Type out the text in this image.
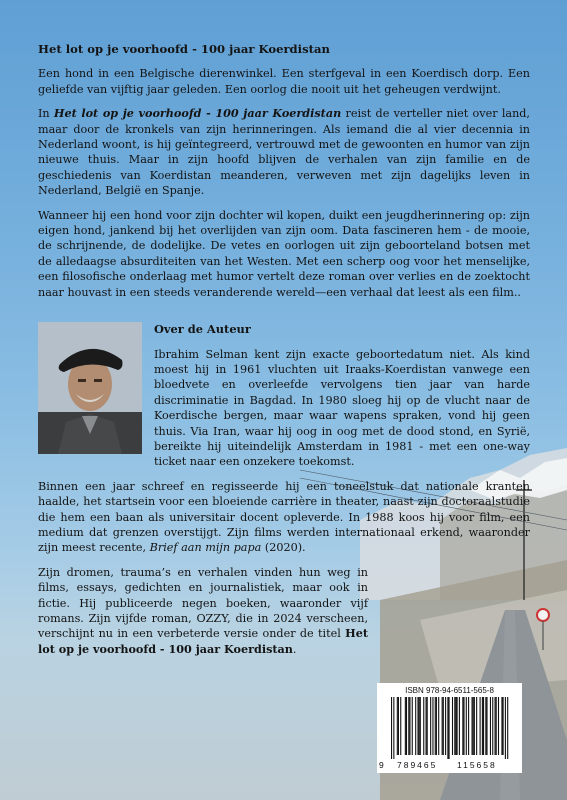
Het lot op je voorhoofd - 100 jaar Koerdistan

Een hond in een Belgische dierenwinkel. Een sterfgeval in een Koerdisch dorp. Een geliefde van vijftig jaar geleden. Een oorlog die nooit uit het geheugen verdwijnt.

In Het lot op je voorhoofd - 100 jaar Koerdistan reist de verteller niet over land, maar door de kronkels van zijn herinneringen. Als iemand die al vier decennia in Nederland woont, is hij geïntegreerd, vertrouwd met de gewoonten en humor van zijn nieuwe thuis. Maar in zijn hoofd blijven de verhalen van zijn familie en de geschiedenis van Koerdistan meanderen, verweven met zijn dagelijks leven in Nederland, België en Spanje.

Wanneer hij een hond voor zijn dochter wil kopen, duikt een jeugdherinnering op: zijn eigen hond, jankend bij het overlijden van zijn oom. Data fascineren hem - de mooie, de schrijnende, de dodelijke. De vetes en oorlogen uit zijn geboorteland botsen met de alledaagse absurditeiten van het Westen. Met een scherp oog voor het menselijke, een filosofische onderlaag met humor vertelt deze roman over verlies en de zoektocht naar houvast in een steeds veranderende wereld—een verhaal dat leest als een film..

Over de Auteur

Ibrahim Selman kent zijn exacte geboortedatum niet. Als kind moest hij in 1961 vluchten uit Iraaks-Koerdistan vanwege een bloedvete en overleefde vervolgens tien jaar van harde discriminatie in Bagdad. In 1980 sloeg hij op de vlucht naar de Koerdische bergen, maar waar wapens spraken, vond hij geen thuis. Via Iran, waar hij oog in oog met de dood stond, en Syrië, bereikte hij uiteindelijk Amsterdam in 1981 - met een one-way ticket naar een onzekere toekomst.

Binnen een jaar schreef en regisseerde hij een toneelstuk dat nationale kranten haalde, het startsein voor een bloeiende carrière in theater, naast zijn doctoraalstudie die hem een baan als universitair docent opleverde. In 1988 koos hij voor film, een medium dat grenzen overstijgt. Zijn films werden internationaal erkend, waaronder zijn meest recente, Brief aan mijn papa (2020).

Zijn dromen, trauma’s en verhalen vinden hun weg in films, essays, gedichten en journalistiek, maar ook in fictie. Hij publiceerde negen boeken, waaronder vijf romans. Zijn vijfde roman, OZZY, die in 2024 verscheen, verschijnt nu in een verbeterde versie onder de titel Het lot op je voorhoofd - 100 jaar Koerdistan.

ISBN 978-94-6511-565-8
9 789465 115658
